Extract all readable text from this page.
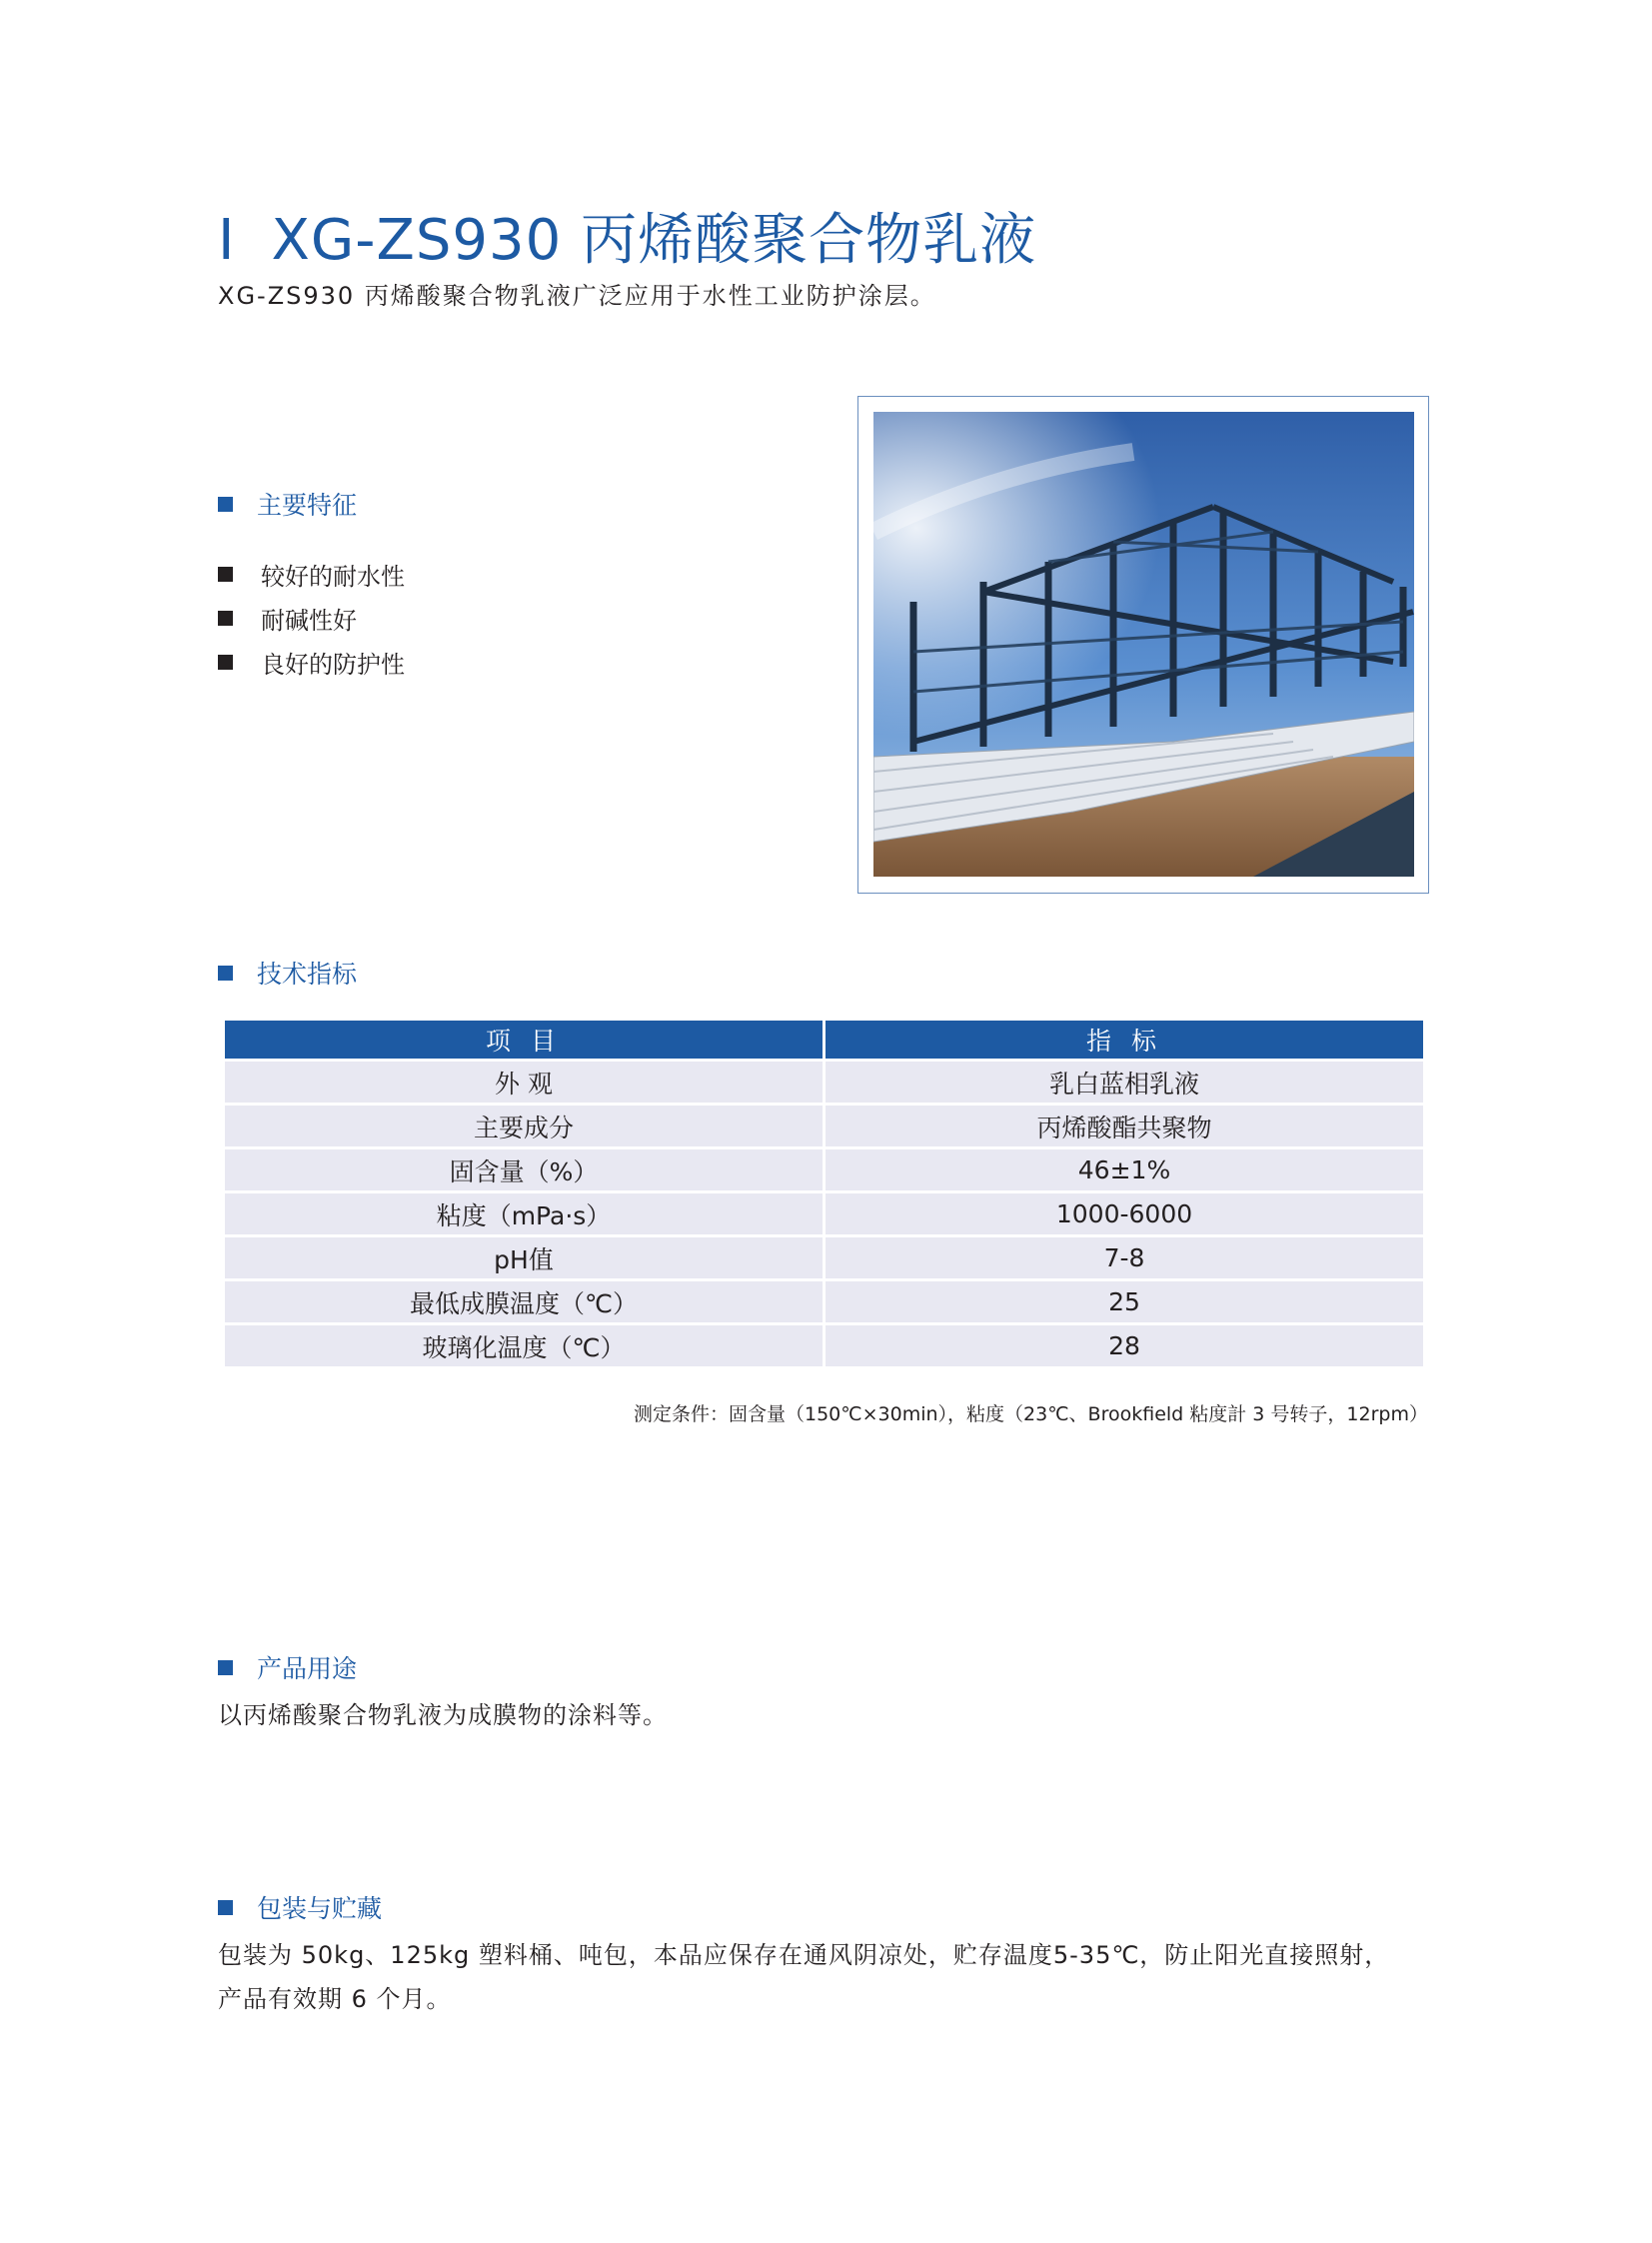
I XG-ZS930 丙烯酸聚合物乳液
XG-ZS930 丙烯酸聚合物乳液广泛应用于水性工业防护涂层。
主要特征
较好的耐水性
耐碱性好
良好的防护性
技术指标
项 目	指 标
外 观	乳白蓝相乳液
主要成分	丙烯酸酯共聚物
固含量（%）	46±1%
粘度（mPa·s）	1000-6000
pH值	7-8
最低成膜温度（℃）	25
玻璃化温度（℃）	28
测定条件：固含量（150℃×30min），粘度（23℃、Brookfield 粘度計 3 号转子，12rpm）
产品用途
以丙烯酸聚合物乳液为成膜物的涂料等。
包装与贮藏
包装为 50kg、125kg 塑料桶、吨包，本品应保存在通风阴凉处，贮存温度5-35℃，防止阳光直接照射，
产品有效期 6 个月。
